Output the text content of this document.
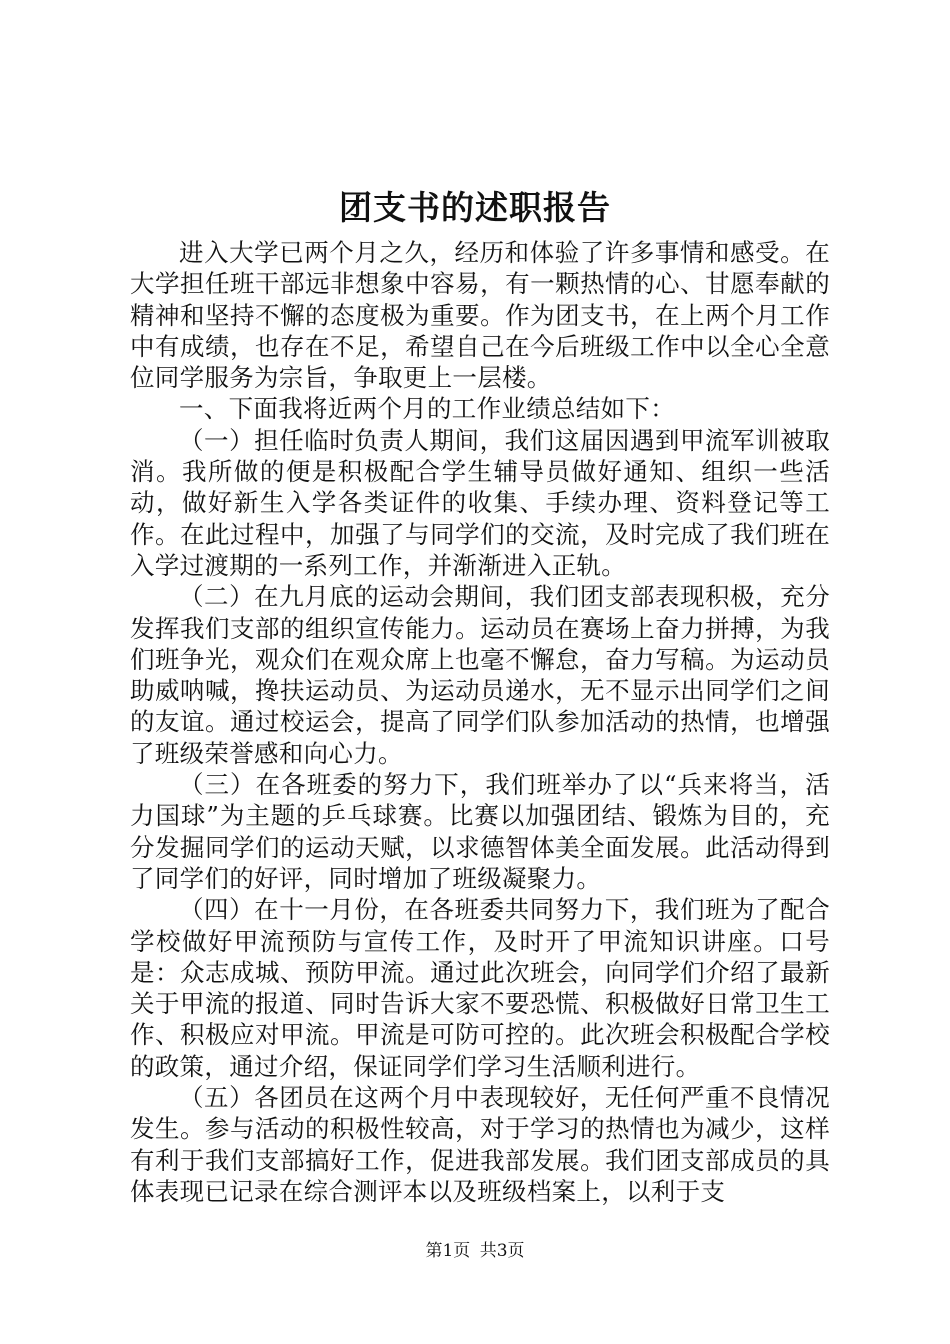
团支书的述职报告

进入大学已两个月之久，经历和体验了许多事情和感受。在大学担任班干部远非想象中容易，有一颗热情的心、甘愿奉献的精神和坚持不懈的态度极为重要。作为团支书，在上两个月工作中有成绩，也存在不足，希望自己在今后班级工作中以全心全意位同学服务为宗旨，争取更上一层楼。

一、下面我将近两个月的工作业绩总结如下：

（一）担任临时负责人期间，我们这届因遇到甲流军训被取消。我所做的便是积极配合学生辅导员做好通知、组织一些活动，做好新生入学各类证件的收集、手续办理、资料登记等工作。在此过程中，加强了与同学们的交流，及时完成了我们班在入学过渡期的一系列工作，并渐渐进入正轨。

（二）在九月底的运动会期间，我们团支部表现积极，充分发挥我们支部的组织宣传能力。运动员在赛场上奋力拼搏，为我们班争光，观众们在观众席上也毫不懈怠，奋力写稿。为运动员助威呐喊，搀扶运动员、为运动员递水，无不显示出同学们之间的友谊。通过校运会，提高了同学们队参加活动的热情，也增强了班级荣誉感和向心力。

（三）在各班委的努力下，我们班举办了以“兵来将当，活力国球”为主题的乒乓球赛。比赛以加强团结、锻炼为目的，充分发掘同学们的运动天赋，以求德智体美全面发展。此活动得到了同学们的好评，同时增加了班级凝聚力。

（四）在十一月份，在各班委共同努力下，我们班为了配合学校做好甲流预防与宣传工作，及时开了甲流知识讲座。口号是：众志成城、预防甲流。通过此次班会，向同学们介绍了最新关于甲流的报道、同时告诉大家不要恐慌、积极做好日常卫生工作、积极应对甲流。甲流是可防可控的。此次班会积极配合学校的政策，通过介绍，保证同学们学习生活顺利进行。

（五）各团员在这两个月中表现较好，无任何严重不良情况发生。参与活动的积极性较高，对于学习的热情也为减少，这样有利于我们支部搞好工作，促进我部发展。我们团支部成员的具体表现已记录在综合测评本以及班级档案上，以利于支

第1页 共3页
